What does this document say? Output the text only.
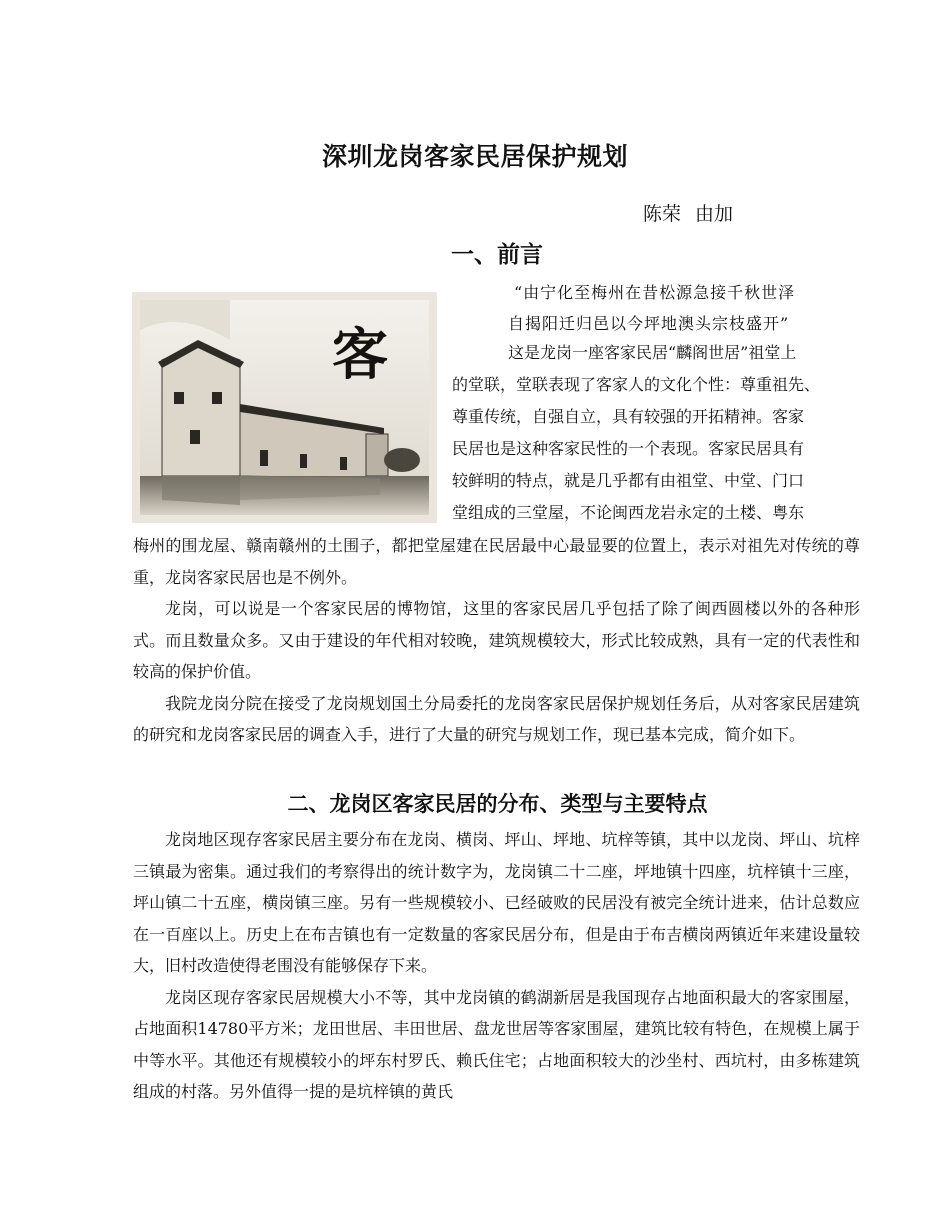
深圳龙岗客家民居保护规划
陈荣 由加
一、前言
客
“由宁化至梅州在昔松源急接千秋世泽
自揭阳迁归邑以今坪地澳头宗枝盛开”
这是龙岗一座客家民居“麟阁世居”祖堂上
的堂联，堂联表现了客家人的文化个性：尊重祖先、
尊重传统，自强自立，具有较强的开拓精神。客家
民居也是这种客家民性的一个表现。客家民居具有
较鲜明的特点，就是几乎都有由祖堂、中堂、门口
堂组成的三堂屋，不论闽西龙岩永定的土楼、粤东

梅州的围龙屋、赣南赣州的土围子，都把堂屋建在民居最中心最显要的位置上，表示对祖先对传统的尊重，龙岗客家民居也是不例外。

龙岗，可以说是一个客家民居的博物馆，这里的客家民居几乎包括了除了闽西圆楼以外的各种形式。而且数量众多。又由于建设的年代相对较晚，建筑规模较大，形式比较成熟，具有一定的代表性和较高的保护价值。

我院龙岗分院在接受了龙岗规划国土分局委托的龙岗客家民居保护规划任务后，从对客家民居建筑的研究和龙岗客家民居的调查入手，进行了大量的研究与规划工作，现已基本完成，简介如下。

二、龙岗区客家民居的分布、类型与主要特点

龙岗地区现存客家民居主要分布在龙岗、横岗、坪山、坪地、坑梓等镇，其中以龙岗、坪山、坑梓三镇最为密集。通过我们的考察得出的统计数字为，龙岗镇二十二座，坪地镇十四座，坑梓镇十三座，坪山镇二十五座，横岗镇三座。另有一些规模较小、已经破败的民居没有被完全统计进来，估计总数应在一百座以上。历史上在布吉镇也有一定数量的客家民居分布，但是由于布吉横岗两镇近年来建设量较大，旧村改造使得老围没有能够保存下来。

龙岗区现存客家民居规模大小不等，其中龙岗镇的鹤湖新居是我国现存占地面积最大的客家围屋，占地面积14780平方米；龙田世居、丰田世居、盘龙世居等客家围屋，建筑比较有特色，在规模上属于中等水平。其他还有规模较小的坪东村罗氏、赖氏住宅；占地面积较大的沙坐村、西坑村，由多栋建筑组成的村落。另外值得一提的是坑梓镇的黄氏
